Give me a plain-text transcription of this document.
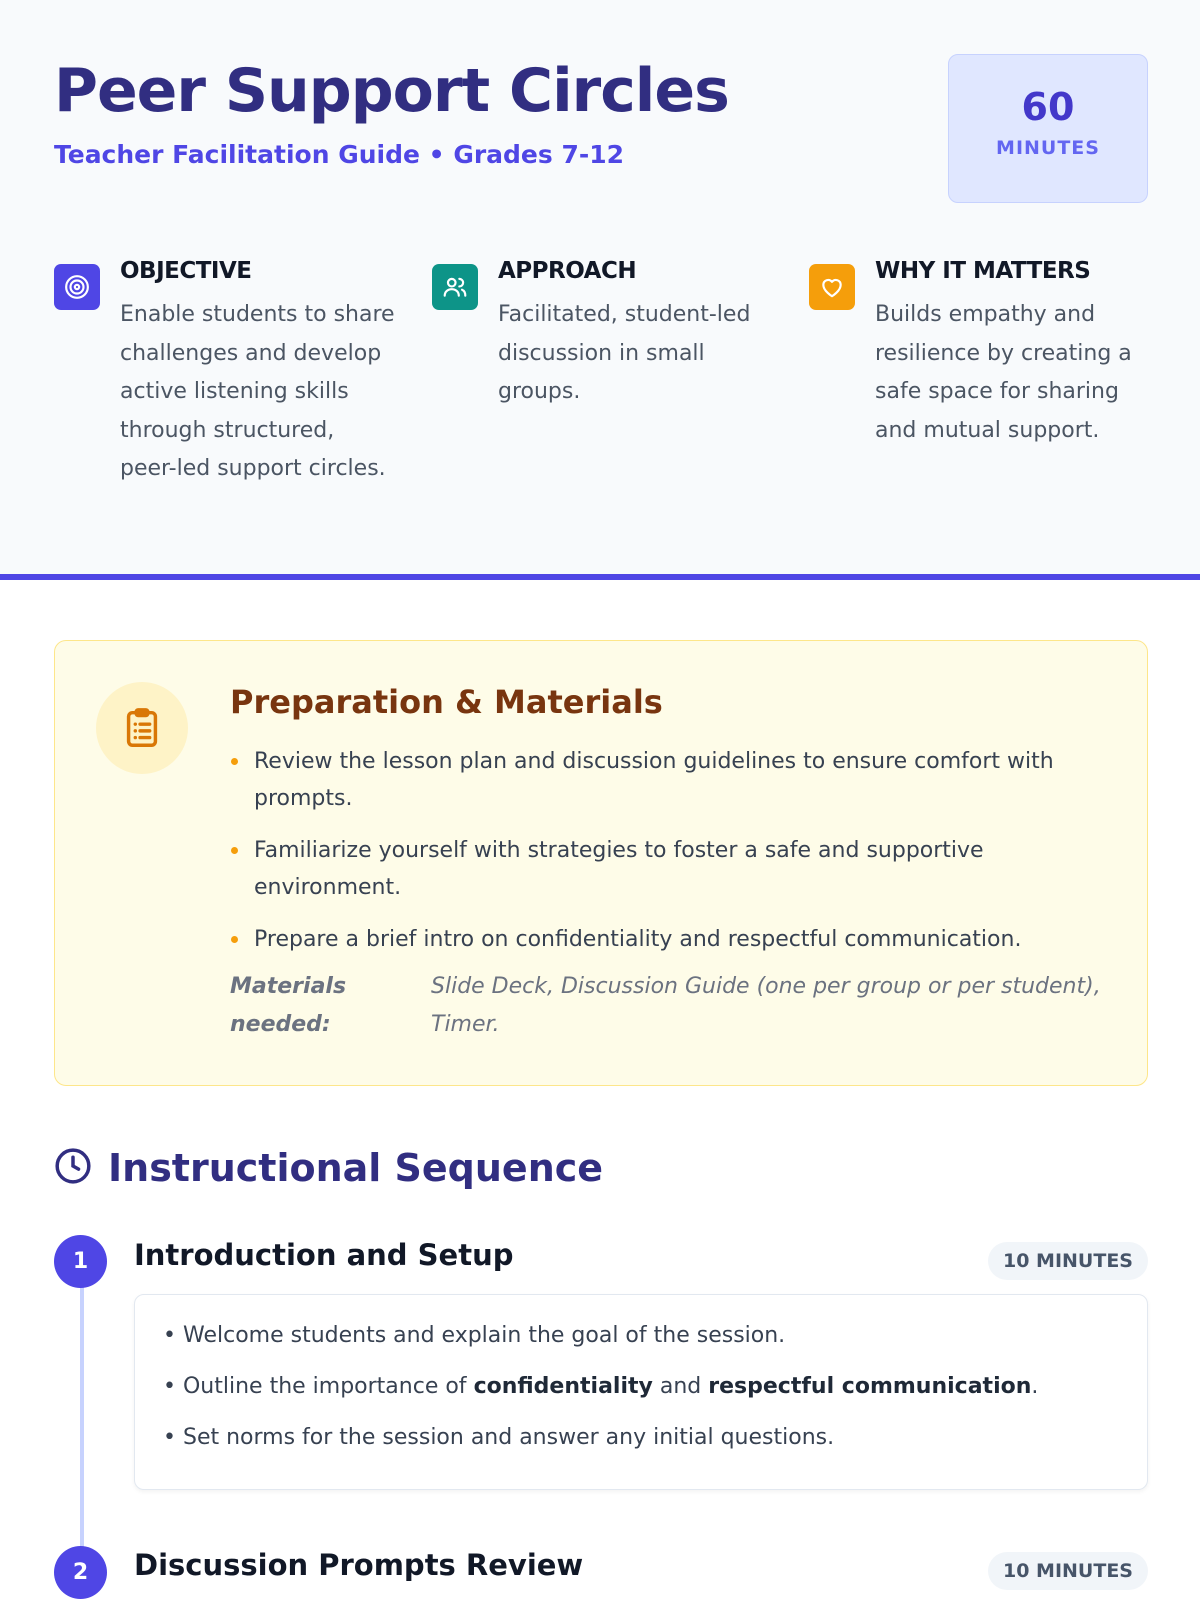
Peer Support Circles
Teacher Facilitation Guide • Grades 7-12
60
MINUTES
OBJECTIVE
Enable students to share challenges and develop active listening skills through structured, peer-led support circles.
APPROACH
Facilitated, student-led discussion in small groups.
WHY IT MATTERS
Builds empathy and resilience by creating a safe space for sharing and mutual support.
Preparation & Materials
Review the lesson plan and discussion guidelines to ensure comfort with prompts.
Familiarize yourself with strategies to foster a safe and supportive environment.
Prepare a brief intro on confidentiality and respectful communication.
Materials needed:
Slide Deck, Discussion Guide (one per group or per student), Timer.
Instructional Sequence
1	Introduction and Setup	10 MINUTES
• Welcome students and explain the goal of the session.
• Outline the importance of confidentiality and respectful communication.
• Set norms for the session and answer any initial questions.
2	Discussion Prompts Review	10 MINUTES
